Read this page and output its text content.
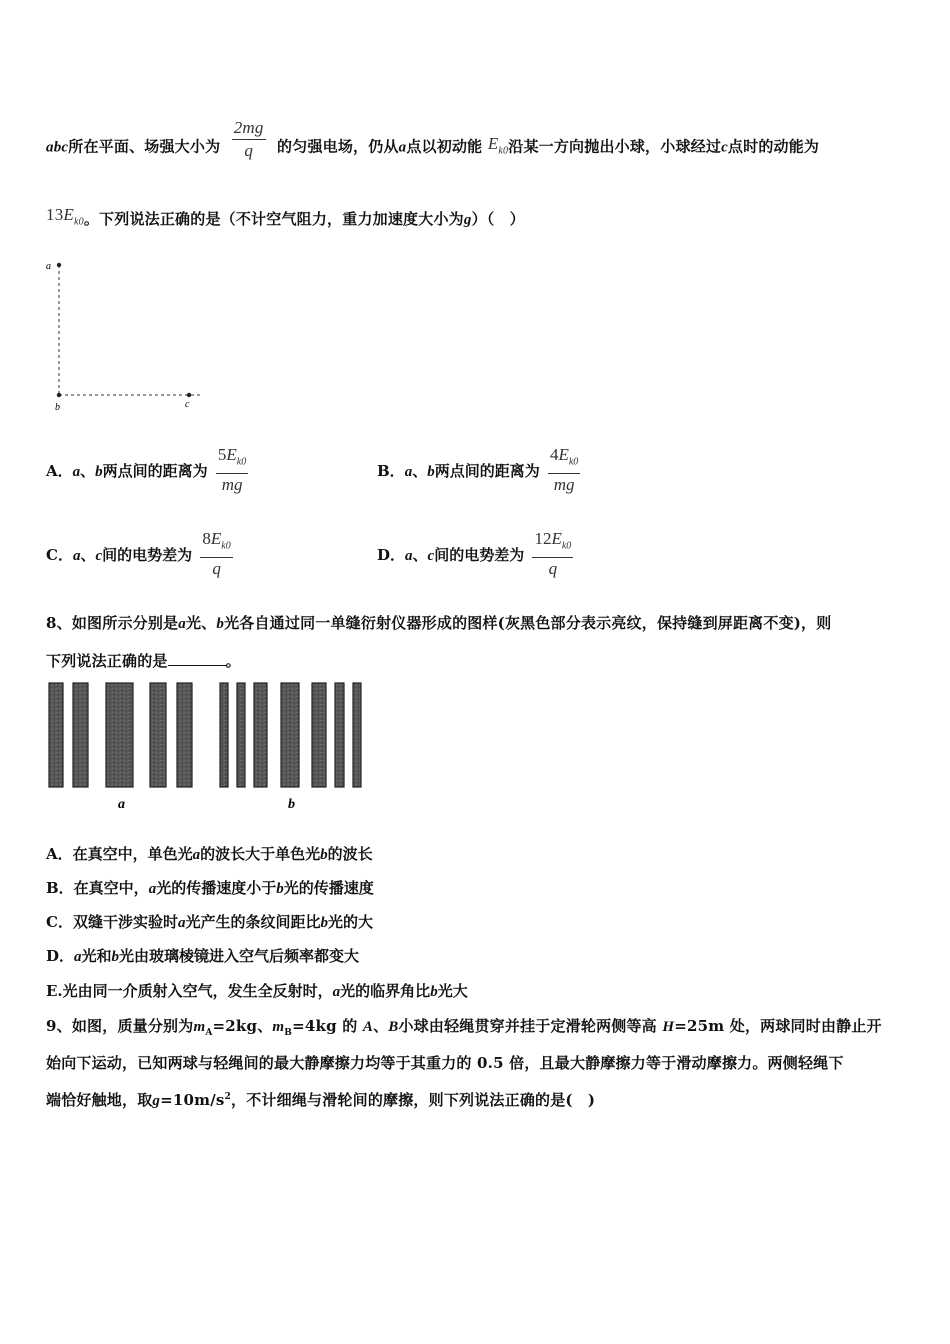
abc所在平面、场强大小为 $\frac{2mg}{q}$ 的匀强电场，仍从a点以初动能 $E_{k0}$沿某一方向抛出小球，小球经过c点时的动能为
$13E_{k0}$。下列说法正确的是（不计空气阻力，重力加速度大小为g）（　）
a
b	c
A．a、b两点间的距离为 $\frac{5E_{k0}}{mg}$	B．a、b两点间的距离为 $\frac{4E_{k0}}{mg}$
C．a、c间的电势差为 $\frac{8E_{k0}}{q}$	D．a、c间的电势差为 $\frac{12E_{k0}}{q}$
8、如图所示分别是a光、b光各自通过同一单缝衍射仪器形成的图样(灰黑色部分表示亮纹，保持缝到屏距离不变)，则
下列说法正确的是	。
a	b
A．在真空中，单色光a的波长大于单色光b的波长
B．在真空中，a光的传播速度小于b光的传播速度
C．双缝干涉实验时a光产生的条纹间距比b光的大
D．a光和b光由玻璃棱镜进入空气后频率都变大
E.光由同一介质射入空气，发生全反射时，a光的临界角比b光大
9、如图，质量分别为$m_A=2kg$、$m_B=4kg$ 的 A、B小球由轻绳贯穿并挂于定滑轮两侧等高 H=25m 处，两球同时由静止开
始向下运动，已知两球与轻绳间的最大静摩擦力均等于其重力的 0.5 倍，且最大静摩擦力等于滑动摩擦力。两侧轻绳下
端恰好触地，取$g=10m/s^2$，不计细绳与滑轮间的摩擦，则下列说法正确的是(　)
